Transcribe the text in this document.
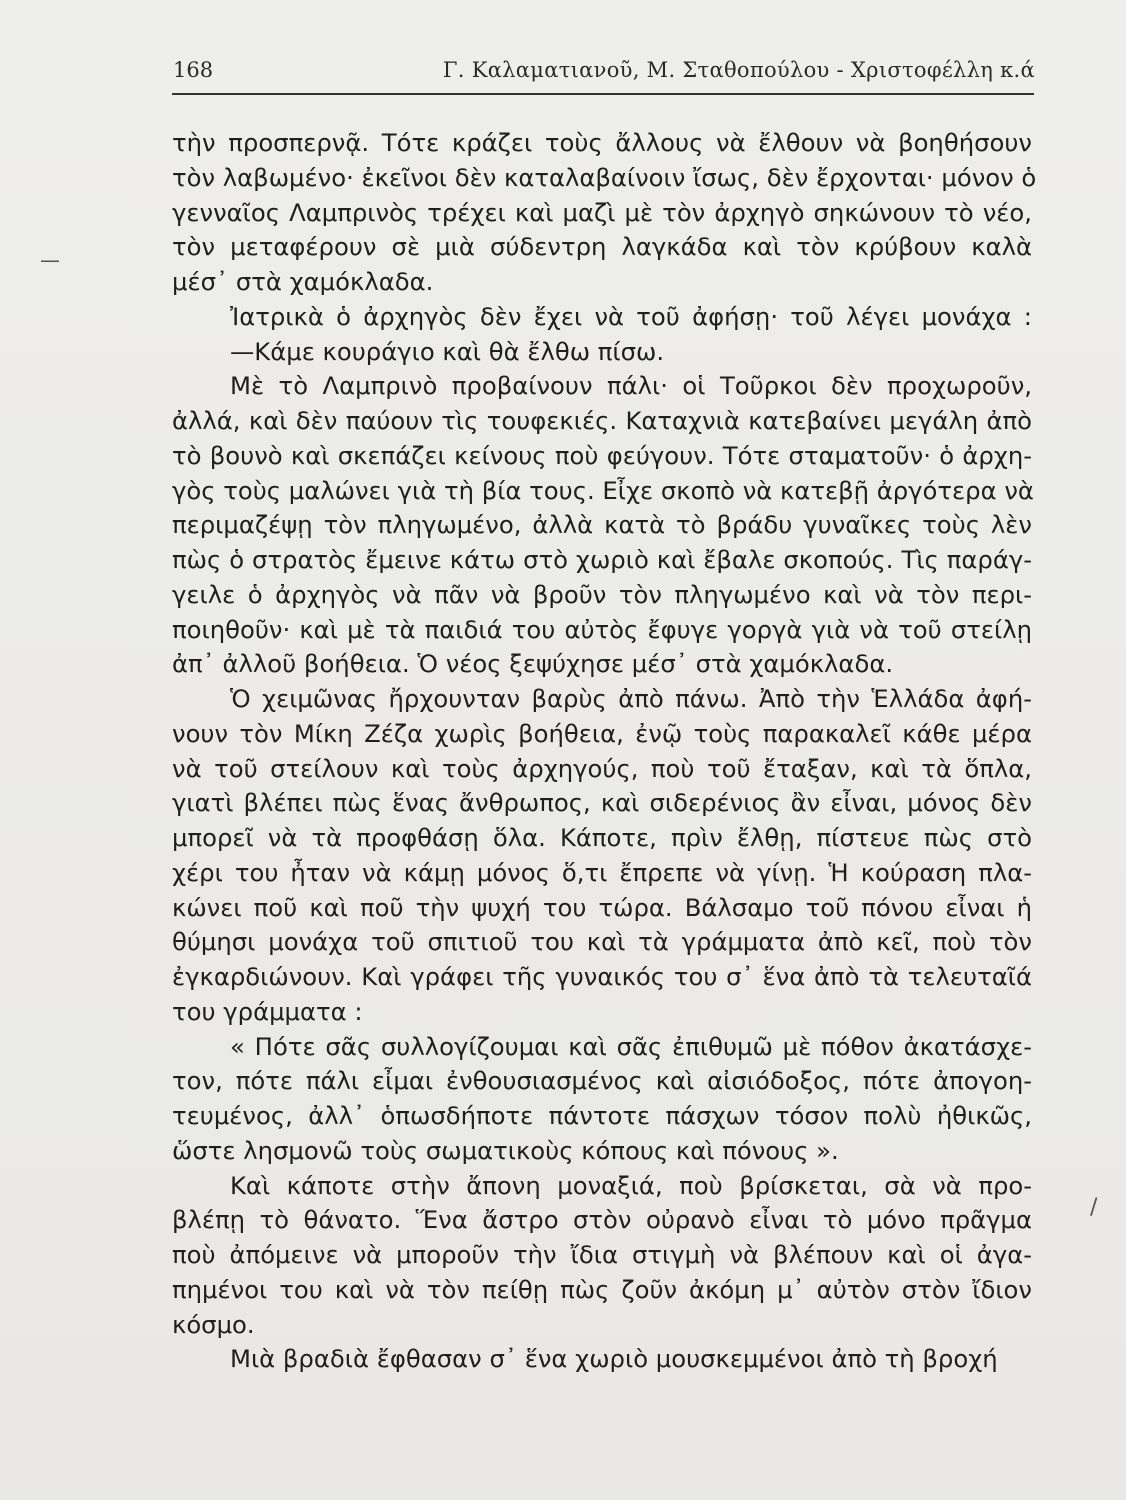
168	Γ. Καλαματιανοῦ, Μ. Σταθοπούλου - Χριστοφέλλη κ.ά
τὴν προσπερνᾷ. Τότε κράζει τοὺς ἄλλους νὰ ἔλθουν νὰ βοηθήσουν
τὸν λαβωμένο· ἐκεῖνοι δὲν καταλαβαίνοιν ἴσως, δὲν ἔρχονται· μόνον ὁ
γενναῖος Λαμπρινὸς τρέχει καὶ μαζὶ μὲ τὸν ἀρχηγὸ σηκώνουν τὸ νέο,
τὸν μεταφέρουν σὲ μιὰ σύδεντρη λαγκάδα καὶ τὸν κρύβουν καλὰ
μέσ᾽ στὰ χαμόκλαδα.
Ἰατρικὰ ὁ ἀρχηγὸς δὲν ἔχει νὰ τοῦ ἀφήσῃ· τοῦ λέγει μονάχα :
—Κάμε κουράγιο καὶ θὰ ἔλθω πίσω.
Μὲ τὸ Λαμπρινὸ προβαίνουν πάλι· οἱ Τοῦρκοι δὲν προχωροῦν,
ἀλλά, καὶ δὲν παύουν τὶς τουφεκιές. Καταχνιὰ κατεβαίνει μεγάλη ἀπὸ
τὸ βουνὸ καὶ σκεπάζει κείνους ποὺ φεύγουν. Τότε σταματοῦν· ὁ ἀρχη-
γὸς τοὺς μαλώνει γιὰ τὴ βία τους. Εἶχε σκοπὸ νὰ κατεβῇ ἀργότερα νὰ
περιμαζέψῃ τὸν πληγωμένο, ἀλλὰ κατὰ τὸ βράδυ γυναῖκες τοὺς λὲν
πὼς ὁ στρατὸς ἔμεινε κάτω στὸ χωριὸ καὶ ἔβαλε σκοπούς. Τὶς παράγ-
γειλε ὁ ἀρχηγὸς νὰ πᾶν νὰ βροῦν τὸν πληγωμένο καὶ νὰ τὸν περι-
ποιηθοῦν· καὶ μὲ τὰ παιδιά του αὐτὸς ἔφυγε γοργὰ γιὰ νὰ τοῦ στείλῃ
ἀπ᾽ ἀλλοῦ βοήθεια. Ὁ νέος ξεψύχησε μέσ᾽ στὰ χαμόκλαδα.
Ὁ χειμῶνας ἤρχουνταν βαρὺς ἀπὸ πάνω. Ἀπὸ τὴν Ἑλλάδα ἀφή-
νουν τὸν Μίκη Ζέζα χωρὶς βοήθεια, ἐνῷ τοὺς παρακαλεῖ κάθε μέρα
νὰ τοῦ στείλουν καὶ τοὺς ἀρχηγούς, ποὺ τοῦ ἔταξαν, καὶ τὰ ὅπλα,
γιατὶ βλέπει πὼς ἕνας ἄνθρωπος, καὶ σιδερένιος ἂν εἶναι, μόνος δὲν
μπορεῖ νὰ τὰ προφθάσῃ ὅλα. Κάποτε, πρὶν ἔλθῃ, πίστευε πὼς στὸ
χέρι του ἦταν νὰ κάμῃ μόνος ὅ,τι ἔπρεπε νὰ γίνῃ. Ἡ κούραση πλα-
κώνει ποῦ καὶ ποῦ τὴν ψυχή του τώρα. Βάλσαμο τοῦ πόνου εἶναι ἡ
θύμησι μονάχα τοῦ σπιτιοῦ του καὶ τὰ γράμματα ἀπὸ κεῖ, ποὺ τὸν
ἐγκαρδιώνουν. Καὶ γράφει τῆς γυναικός του σ᾽ ἕνα ἀπὸ τὰ τελευταῖά
του γράμματα :
« Πότε σᾶς συλλογίζουμαι καὶ σᾶς ἐπιθυμῶ μὲ πόθον ἀκατάσχε-
τον, πότε πάλι εἶμαι ἐνθουσιασμένος καὶ αἰσιόδοξος, πότε ἀπογοη-
τευμένος, ἀλλ᾽ ὁπωσδήποτε πάντοτε πάσχων τόσον πολὺ ἠθικῶς,
ὥστε λησμονῶ τοὺς σωματικοὺς κόπους καὶ πόνους ».
Καὶ κάποτε στὴν ἄπονη μοναξιά, ποὺ βρίσκεται, σὰ νὰ προ-
βλέπῃ τὸ θάνατο. Ἕνα ἄστρο στὸν οὐρανὸ εἶναι τὸ μόνο πρᾶγμα
ποὺ ἀπόμεινε νὰ μποροῦν τὴν ἴδια στιγμὴ νὰ βλέπουν καὶ οἱ ἀγα-
πημένοι του καὶ νὰ τὸν πείθῃ πὼς ζοῦν ἀκόμη μ᾽ αὐτὸν στὸν ἴδιον
κόσμο.
Μιὰ βραδιὰ ἔφθασαν σ᾽ ἕνα χωριὸ μουσκεμμένοι ἀπὸ τὴ βροχή
—
/
